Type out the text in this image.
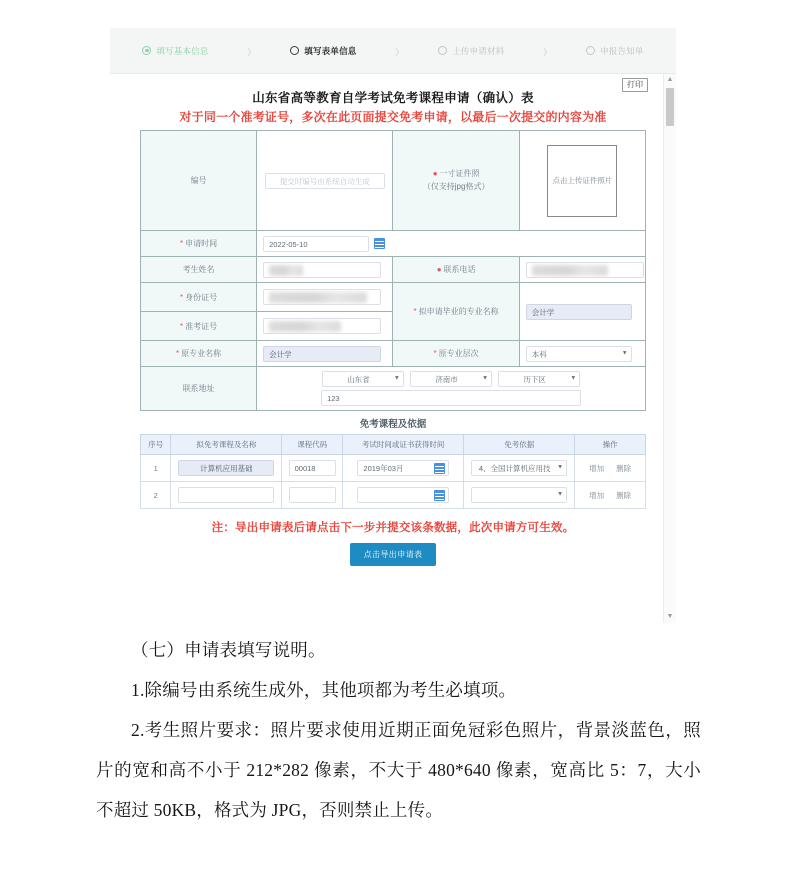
填写基本信息	›	填写表单信息	›	上传申请材料	›	申报告知单
打印
山东省高等教育自学考试免考课程申请（确认）表
对于同一个准考证号，多次在此页面提交免考申请，以最后一次提交的内容为准
编号	提交时编号由系统自动生成	● 一寸证件照
（仅支持jpg格式）	点击上传证件照片

* 申请时间	2022-05-10		
考生姓名		● 联系电话	

* 身份证号		* 拟申请毕业的专业名称	会计学
* 准考证号			

* 原专业名称	会计学	* 原专业层次	本科 ▼

联系地址	
山东省	▼	济南市	▼	历下区	▼
123
免考课程及依据
序号	拟免考课程及名称	课程代码	考试时间或证书获得时间	免考依据	操作
1	计算机应用基础	00018	2019年03月	4、全国计算机应用技 ▼	增加 删除
2				▼	增加 删除
注：导出申请表后请点击下一步并提交该条数据，此次申请方可生效。
点击导出申请表
▲
▼

（七）申请表填写说明。

1.除编号由系统生成外，其他项都为考生必填项。

2.考生照片要求：照片要求使用近期正面免冠彩色照片，背景淡蓝色，照片的宽和高不小于 212*282 像素，不大于 480*640 像素，宽高比 5：7，大小不超过 50KB，格式为 JPG，否则禁止上传。
